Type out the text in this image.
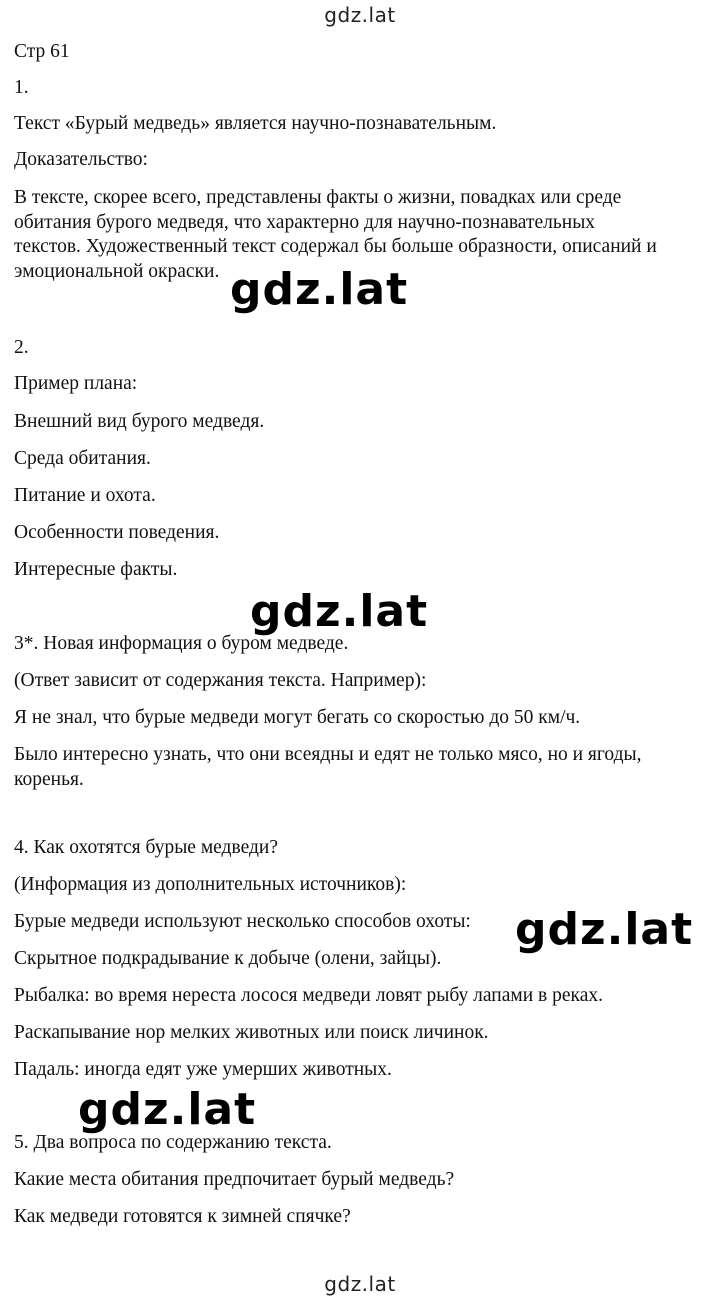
gdz.lat
Стр 61
1.
Текст «Бурый медведь» является научно-познавательным.
Доказательство:
В тексте, скорее всего, представлены факты о жизни, повадках или среде
обитания бурого медведя, что характерно для научно-познавательных
текстов. Художественный текст содержал бы больше образности, описаний и
эмоциональной окраски. gdz.lat
2.
Пример плана:
Внешний вид бурого медведя.
Среда обитания.
Питание и охота.
Особенности поведения.
Интересные факты.
gdz.lat
3*. Новая информация о буром медведе.
(Ответ зависит от содержания текста. Например):
Я не знал, что бурые медведи могут бегать со скоростью до 50 км/ч.
Было интересно узнать, что они всеядны и едят не только мясо, но и ягоды,
коренья.
4. Как охотятся бурые медведи?
(Информация из дополнительных источников):
Бурые медведи используют несколько способов охоты: gdz.lat
Скрытное подкрадывание к добыче (олени, зайцы).
Рыбалка: во время нереста лосося медведи ловят рыбу лапами в реках.
Раскапывание нор мелких животных или поиск личинок.
Падаль: иногда едят уже умерших животных.
gdz.lat
5. Два вопроса по содержанию текста.
Какие места обитания предпочитает бурый медведь?
Как медведи готовятся к зимней спячке?
gdz.lat
